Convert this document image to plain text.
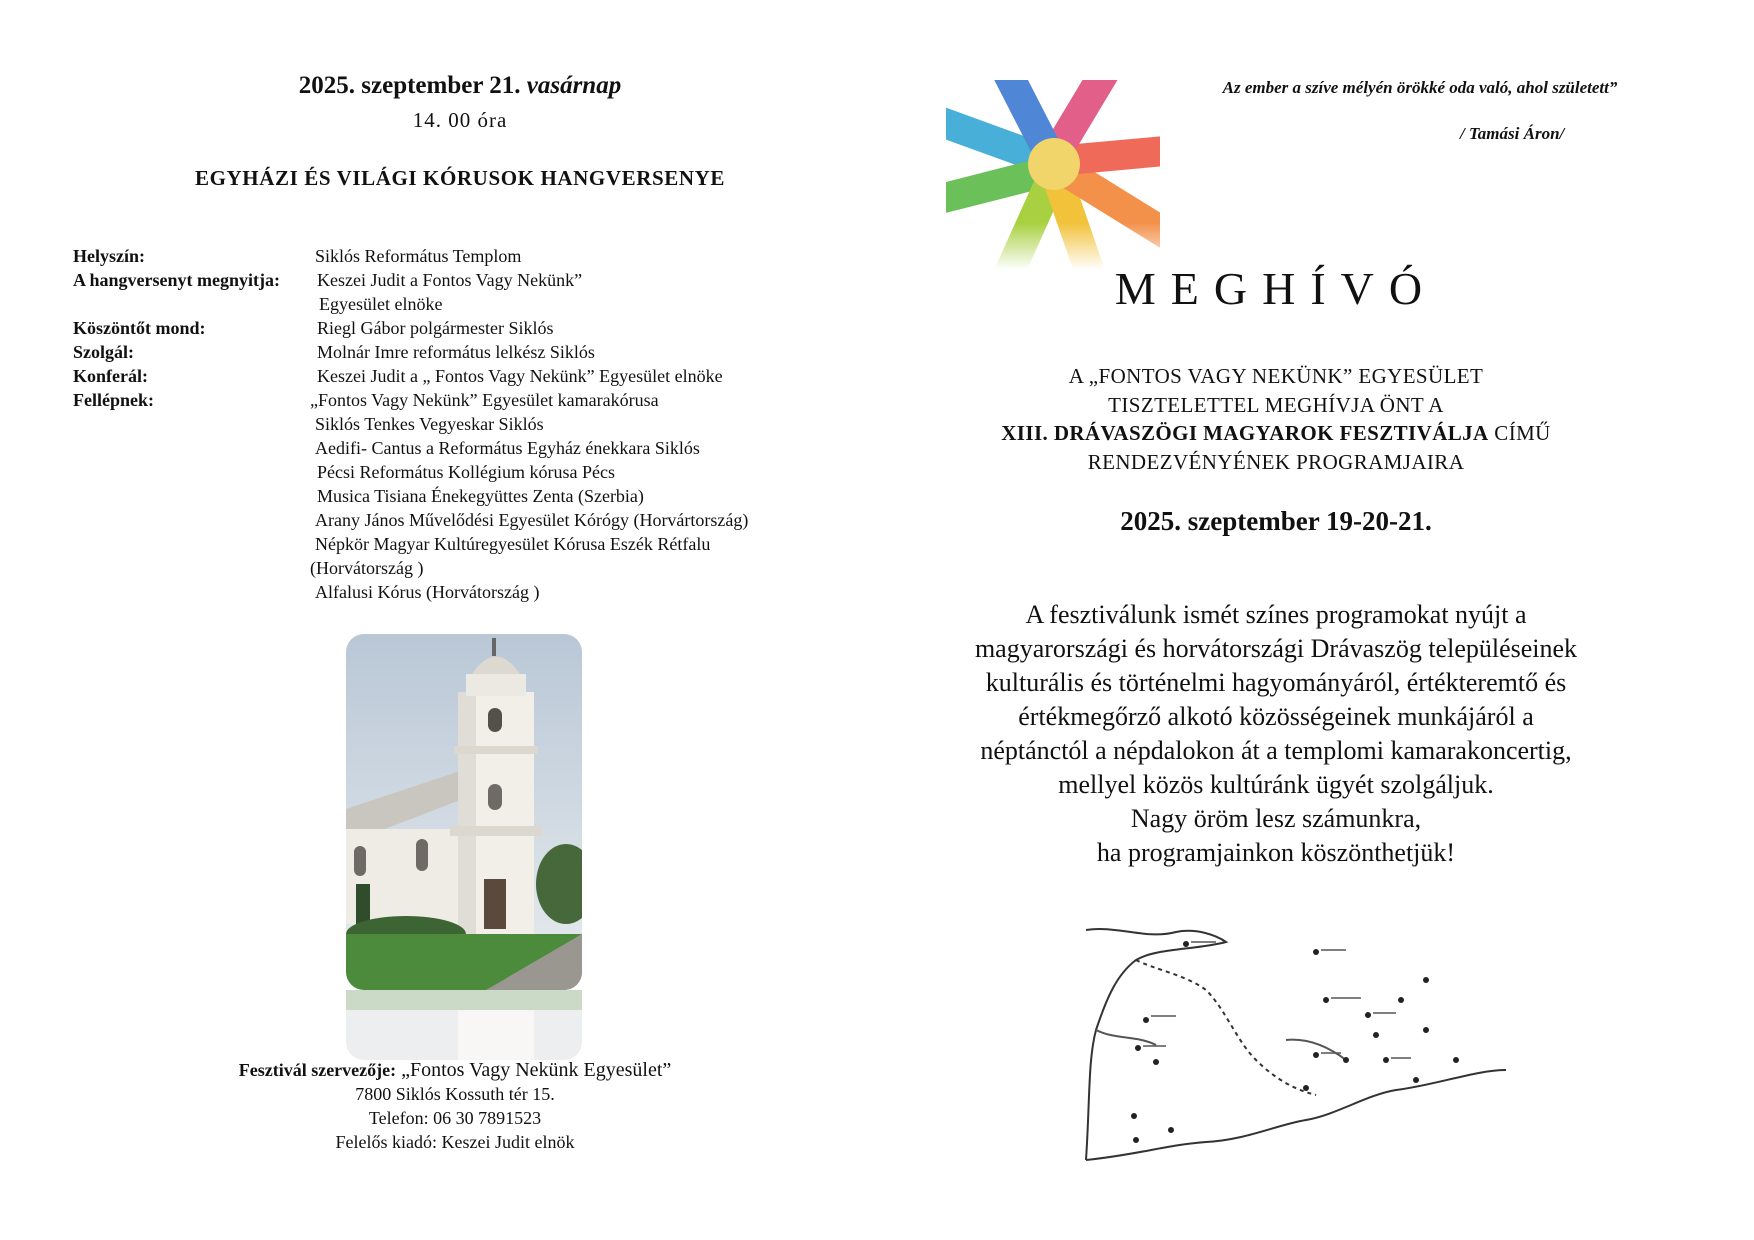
2025. szeptember 21. vasárnap
14. 00 óra
EGYHÁZI ÉS VILÁGI KÓRUSOK HANGVERSENYE
Helyszín:	Siklós Református Templom
A hangversenyt megnyitja: Keszei Judit a Fontos Vagy Nekünk”
Egyesület elnöke
Köszöntőt mond:	Riegl Gábor polgármester Siklós
Szolgál:	Molnár Imre református lelkész Siklós
Konferál:	Keszei Judit a „ Fontos Vagy Nekünk” Egyesület elnöke
Fellépnek:	„Fontos Vagy Nekünk” Egyesület kamarakórusa
Siklós Tenkes Vegyeskar Siklós
Aedifi- Cantus a Református Egyház énekkara Siklós
Pécsi Református Kollégium kórusa Pécs
Musica Tisiana Énekegyüttes Zenta (Szerbia)
Arany János Művelődési Egyesület Kórógy (Horvártország)
Népkör Magyar Kultúregyesület Kórusa Eszék Rétfalu
(Horvátország )
Alfalusi Kórus (Horvátország )
Fesztivál szervezője: „Fontos Vagy Nekünk Egyesület”
7800 Siklós Kossuth tér 15.
Telefon: 06 30 7891523
Felelős kiadó: Keszei Judit elnök
Az ember a szíve mélyén örökké oda való, ahol született”
/ Tamási Áron/
MEGHÍVÓ
A „FONTOS VAGY NEKÜNK” EGYESÜLET
TISZTELETTEL MEGHÍVJA ÖNT A
XIII. DRÁVASZÖGI MAGYAROK FESZTIVÁLJA CÍMŰ
RENDEZVÉNYÉNEK PROGRAMJAIRA
2025. szeptember 19-20-21.
A fesztiválunk ismét színes programokat nyújt a
magyarországi és horvátországi Drávaszög településeinek
kulturális és történelmi hagyományáról, értékteremtő és
értékmegőrző alkotó közösségeinek munkájáról a
néptánctól a népdalokon át a templomi kamarakoncertig,
mellyel közös kultúránk ügyét szolgáljuk.
Nagy öröm lesz számunkra,
ha programjainkon köszönthetjük!
